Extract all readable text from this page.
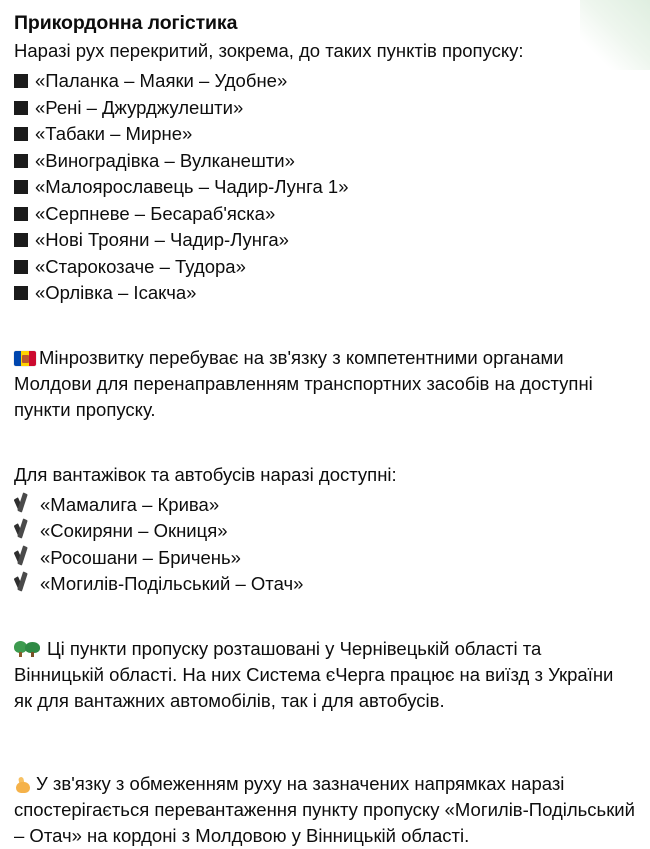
Прикордонна логістика

Наразі рух перекритий, зокрема, до таких пунктів пропуску:

«Паланка – Маяки – Удобне»
«Рені – Джурджулешти»
«Табаки – Мирне»
«Виноградівка – Вулканешти»
«Малоярославець – Чадир-Лунга 1»
«Серпневе – Бесараб'яска»
«Нові Трояни – Чадир-Лунга»
«Старокозаче – Тудора»
«Орлівка – Ісакча»

Мінрозвитку перебуває на зв'язку з компетентними органами Молдови для перенаправленням транспортних засобів на доступні пункти пропуску.

Для вантажівок та автобусів наразі доступні:

«Мамалига – Крива»
«Сокиряни – Окниця»
«Росошани – Бричень»
«Могилів-Подільський – Отач»

Ці пункти пропуску розташовані у Чернівецькій області та Вінницькій області. На них Система єЧерга працює на виїзд з України як для вантажних автомобілів, так і для автобусів.

У зв'язку з обмеженням руху на зазначених напрямках наразі спостерігається перевантаження пункту пропуску «Могилів-Подільський – Отач» на кордоні з Молдовою у Вінницькій області.
